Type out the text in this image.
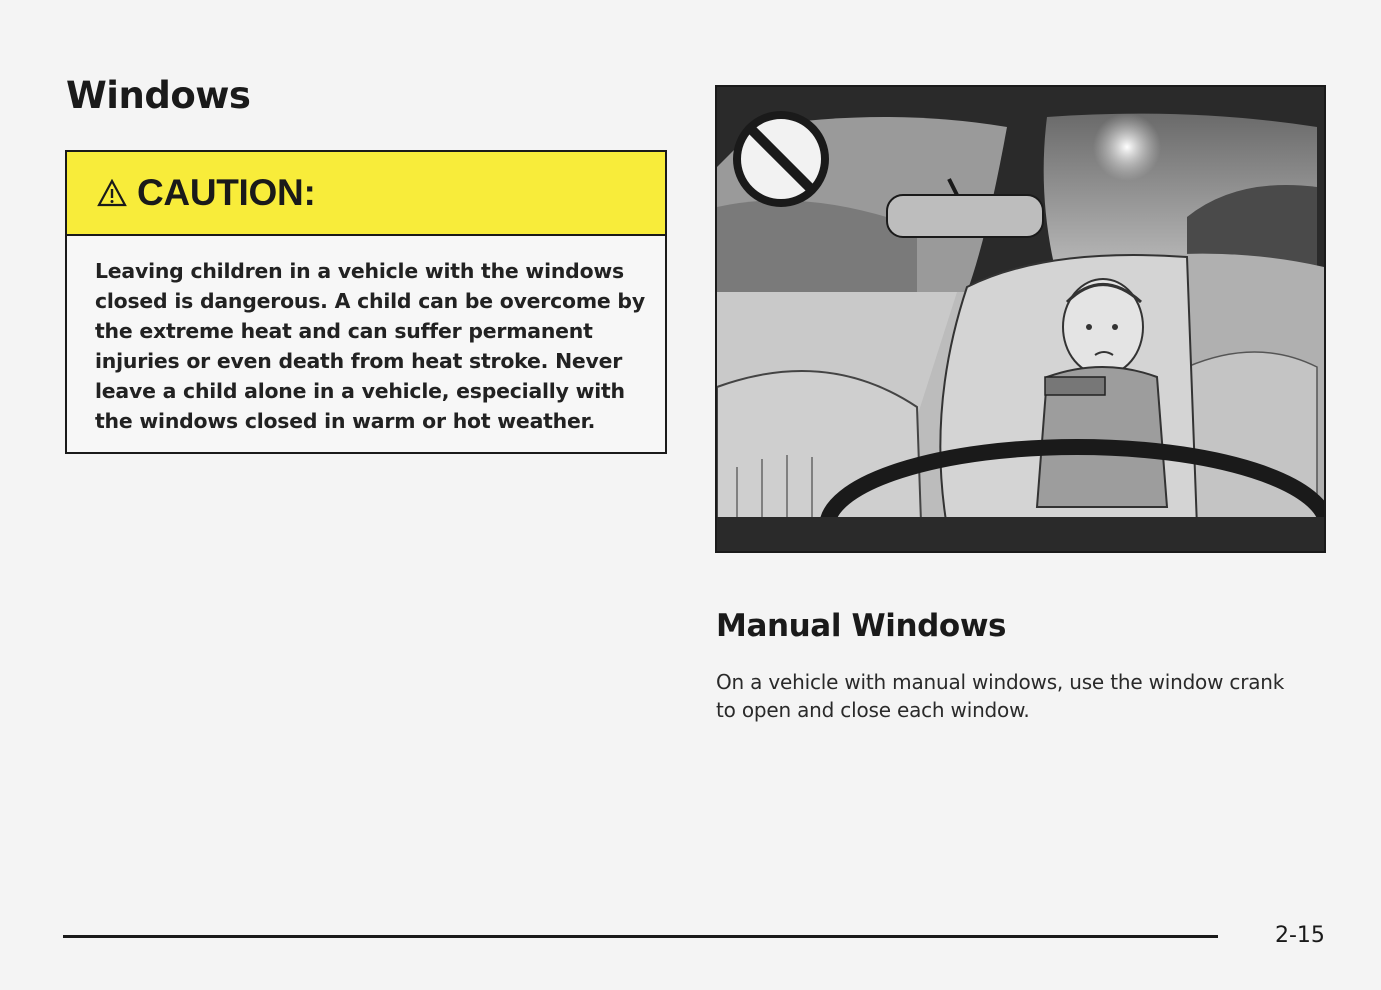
Windows
CAUTION:
Leaving children in a vehicle with the windows closed is dangerous. A child can be overcome by the extreme heat and can suffer permanent injuries or even death from heat stroke. Never leave a child alone in a vehicle, especially with the windows closed in warm or hot weather.
Manual Windows

On a vehicle with manual windows, use the window crank to open and close each window.

2-15
